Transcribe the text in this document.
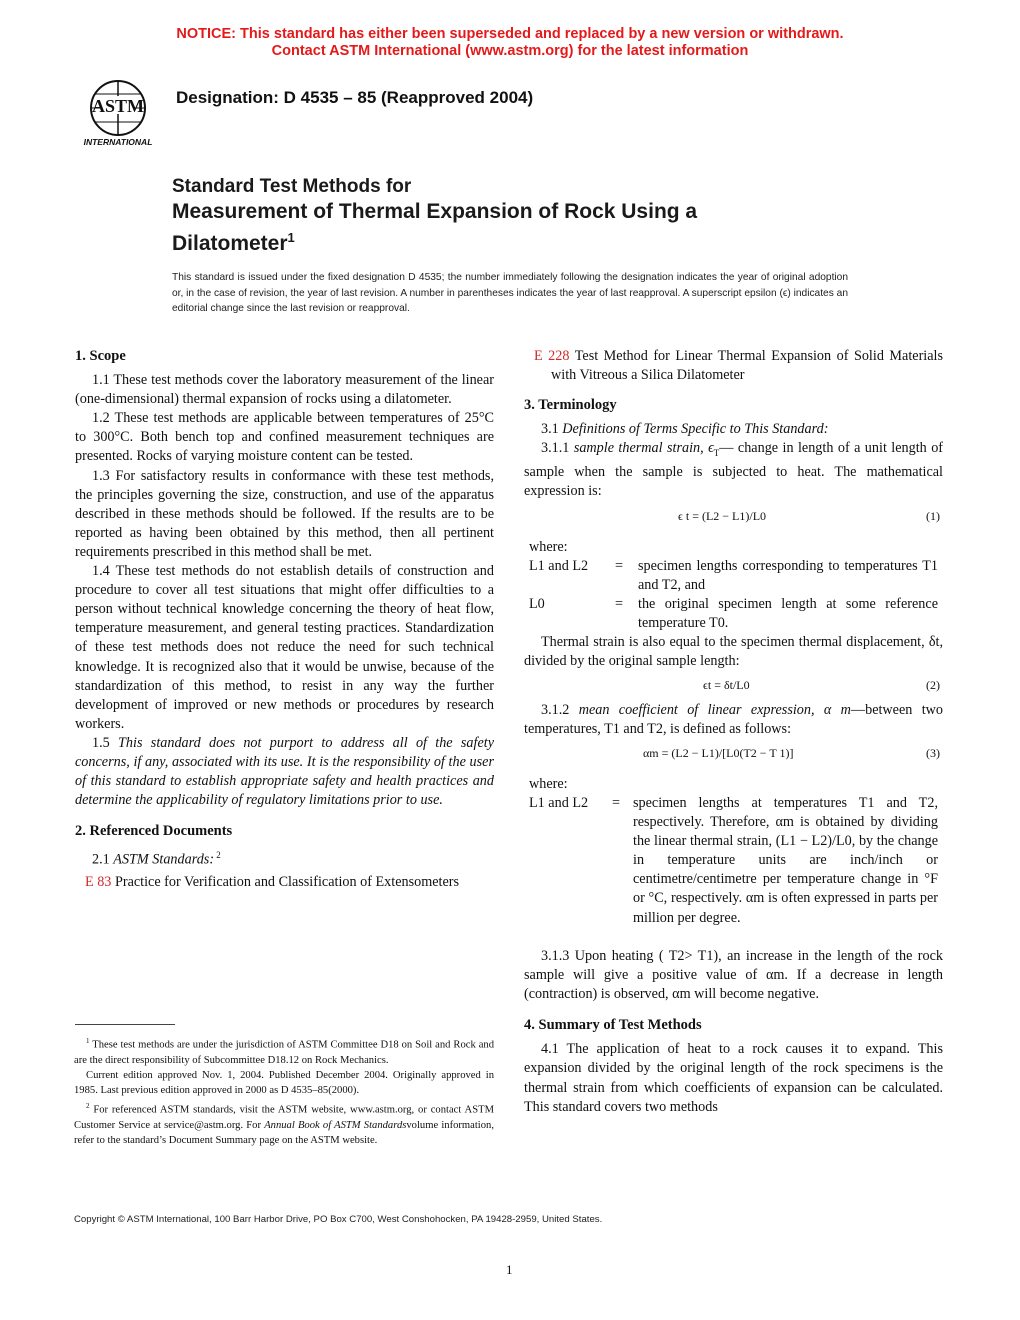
NOTICE: This standard has either been superseded and replaced by a new version or withdrawn.
Contact ASTM International (www.astm.org) for the latest information
ASTM
INTERNATIONAL
Designation: D 4535 – 85 (Reapproved 2004)
Standard Test Methods for
Measurement of Thermal Expansion of Rock Using a
Dilatometer$^1$
This standard is issued under the fixed designation D 4535; the number immediately following the designation indicates the year of original adoption or, in the case of revision, the year of last revision. A number in parentheses indicates the year of last reapproval. A superscript epsilon (ϵ) indicates an editorial change since the last revision or reapproval.

1. Scope

1.1 These test methods cover the laboratory measurement of the linear (one-dimensional) thermal expansion of rocks using a dilatometer.

1.2 These test methods are applicable between temperatures of 25°C to 300°C. Both bench top and confined measurement techniques are presented. Rocks of varying moisture content can be tested.

1.3 For satisfactory results in conformance with these test methods, the principles governing the size, construction, and use of the apparatus described in these methods should be followed. If the results are to be reported as having been obtained by this method, then all pertinent requirements prescribed in this method shall be met.

1.4 These test methods do not establish details of construction and procedure to cover all test situations that might offer difficulties to a person without technical knowledge concerning the theory of heat flow, temperature measurement, and general testing practices. Standardization of these test methods does not reduce the need for such technical knowledge. It is recognized also that it would be unwise, because of the standardization of this method, to resist in any way the further development of improved or new methods or procedures by research workers.

1.5 This standard does not purport to address all of the safety concerns, if any, associated with its use. It is the responsibility of the user of this standard to establish appropriate safety and health practices and determine the applicability of regulatory limitations prior to use.

2. Referenced Documents

2.1 ASTM Standards: $^2$

E 83 Practice for Verification and Classification of Extensometers

$^1$ These test methods are under the jurisdiction of ASTM Committee D18 on Soil and Rock and are the direct responsibility of Subcommittee D18.12 on Rock Mechanics.

Current edition approved Nov. 1, 2004. Published December 2004. Originally approved in 1985. Last previous edition approved in 2000 as D 4535–85(2000).

$^2$ For referenced ASTM standards, visit the ASTM website, www.astm.org, or contact ASTM Customer Service at service@astm.org. For Annual Book of ASTM Standardsvolume information, refer to the standard’s Document Summary page on the ASTM website.

E 228 Test Method for Linear Thermal Expansion of Solid Materials with Vitreous a Silica Dilatometer

3. Terminology

3.1 Definitions of Terms Specific to This Standard:

3.1.1 sample thermal strain, $\epsilon_T—$ change in length of a unit length of sample when the sample is subjected to heat. The mathematical expression is:

ϵ t = (L2 − L1)/L0	(1)
where:
L1 and L2 = specimen lengths corresponding to temperatures T1 and T2, and
L0	= the original specimen length at some reference temperature T0.

Thermal strain is also equal to the specimen thermal displacement, δt, divided by the original sample length:

ϵt = δt/L0	(2)

3.1.2 mean coefficient of linear expression, α m—between two temperatures, T1 and T2, is defined as follows:

αm = (L2 − L1)/[L0(T2 − T 1)]	(3)
where:
L1 and L2 = specimen lengths at temperatures T1 and T2, respectively. Therefore, αm is obtained by dividing the linear thermal strain, (L1 − L2)/L0, by the change in temperature units are inch/inch or centimetre/centimetre per temperature change in °F or °C, respectively. αm is often expressed in parts per million per degree.

3.1.3 Upon heating ( T2> T1), an increase in the length of the rock sample will give a positive value of αm. If a decrease in length (contraction) is observed, αm will become negative.

4. Summary of Test Methods

4.1 The application of heat to a rock causes it to expand. This expansion divided by the original length of the rock specimens is the thermal strain from which coefficients of expansion can be calculated. This standard covers two methods

Copyright © ASTM International, 100 Barr Harbor Drive, PO Box C700, West Conshohocken, PA 19428-2959, United States.
1
